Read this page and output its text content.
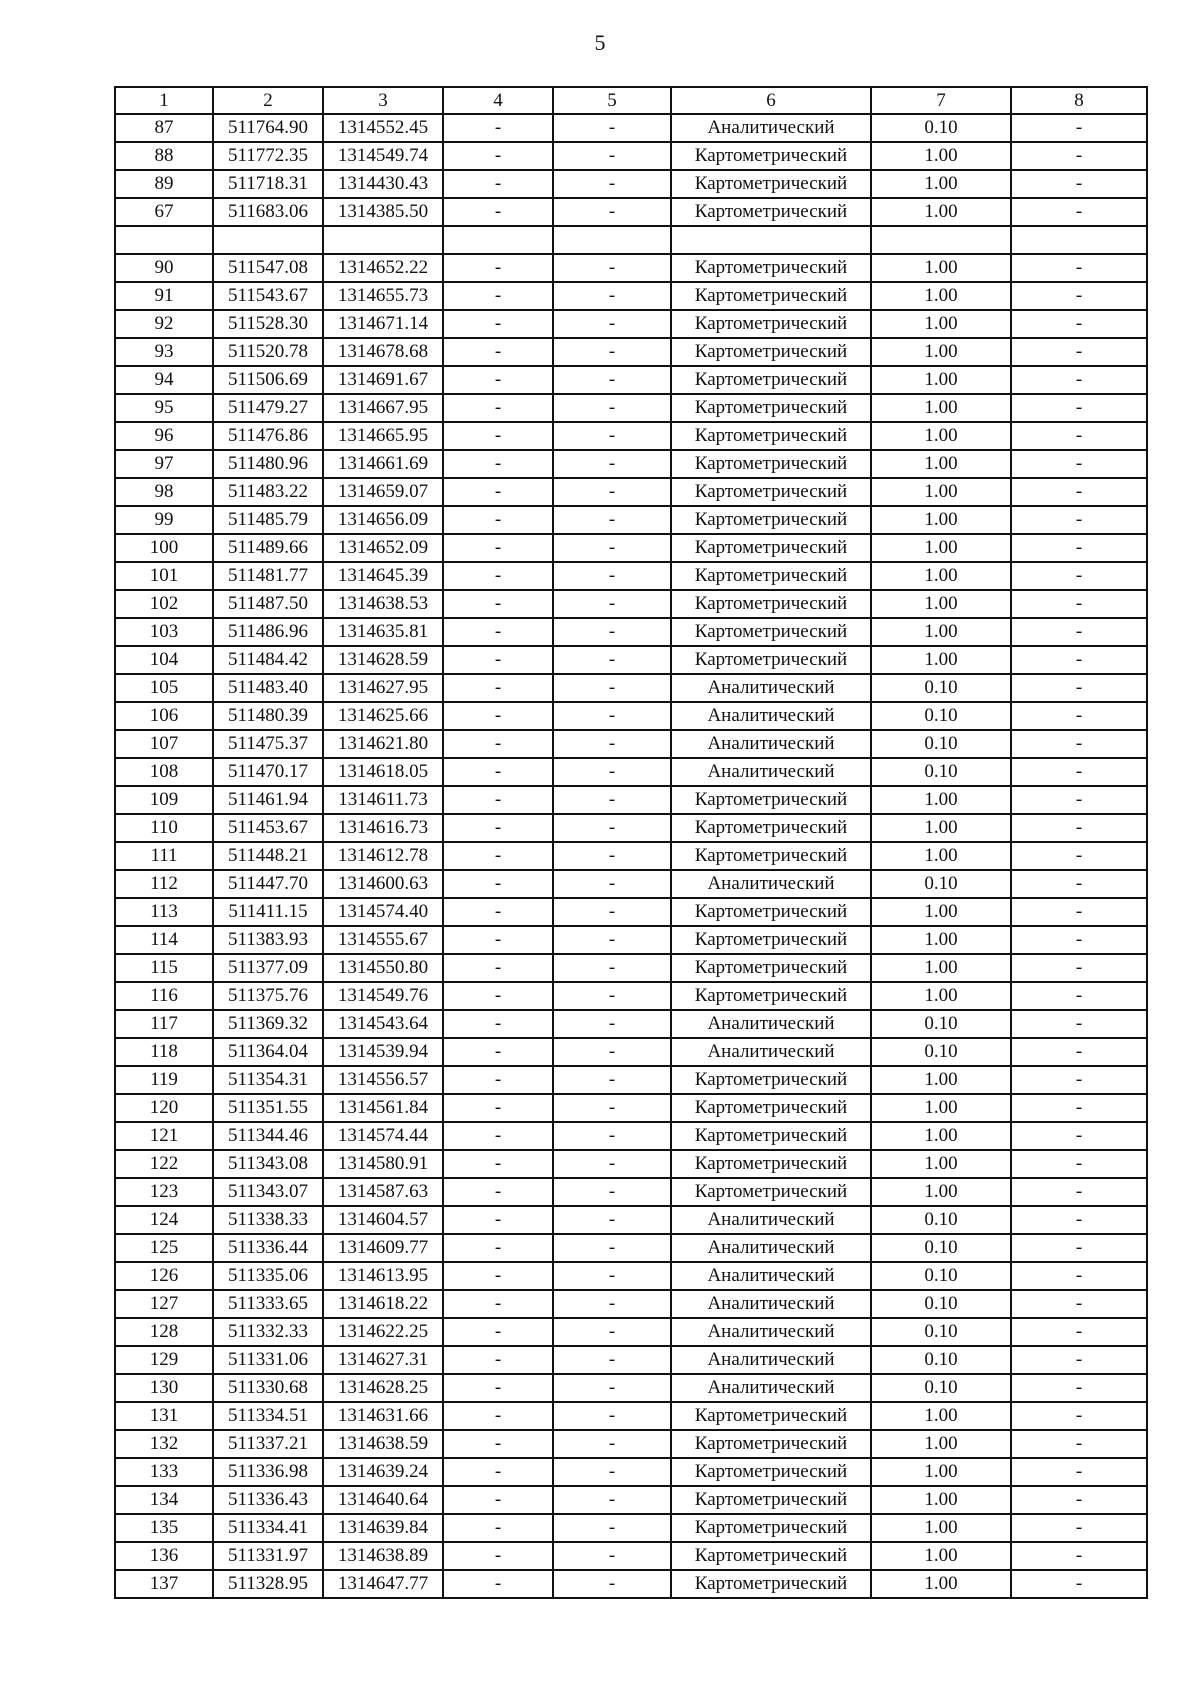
5
1	2	3	4	5	6	7	8
87	511764.90	1314552.45	-	-	Аналитический	0.10	-
88	511772.35	1314549.74	-	-	Картометрический	1.00	-
89	511718.31	1314430.43	-	-	Картометрический	1.00	-
67	511683.06	1314385.50	-	-	Картометрический	1.00	-

90	511547.08	1314652.22	-	-	Картометрический	1.00	-
91	511543.67	1314655.73	-	-	Картометрический	1.00	-
92	511528.30	1314671.14	-	-	Картометрический	1.00	-
93	511520.78	1314678.68	-	-	Картометрический	1.00	-
94	511506.69	1314691.67	-	-	Картометрический	1.00	-
95	511479.27	1314667.95	-	-	Картометрический	1.00	-
96	511476.86	1314665.95	-	-	Картометрический	1.00	-
97	511480.96	1314661.69	-	-	Картометрический	1.00	-
98	511483.22	1314659.07	-	-	Картометрический	1.00	-
99	511485.79	1314656.09	-	-	Картометрический	1.00	-
100	511489.66	1314652.09	-	-	Картометрический	1.00	-
101	511481.77	1314645.39	-	-	Картометрический	1.00	-
102	511487.50	1314638.53	-	-	Картометрический	1.00	-
103	511486.96	1314635.81	-	-	Картометрический	1.00	-
104	511484.42	1314628.59	-	-	Картометрический	1.00	-
105	511483.40	1314627.95	-	-	Аналитический	0.10	-
106	511480.39	1314625.66	-	-	Аналитический	0.10	-
107	511475.37	1314621.80	-	-	Аналитический	0.10	-
108	511470.17	1314618.05	-	-	Аналитический	0.10	-
109	511461.94	1314611.73	-	-	Картометрический	1.00	-
110	511453.67	1314616.73	-	-	Картометрический	1.00	-
111	511448.21	1314612.78	-	-	Картометрический	1.00	-
112	511447.70	1314600.63	-	-	Аналитический	0.10	-
113	511411.15	1314574.40	-	-	Картометрический	1.00	-
114	511383.93	1314555.67	-	-	Картометрический	1.00	-
115	511377.09	1314550.80	-	-	Картометрический	1.00	-
116	511375.76	1314549.76	-	-	Картометрический	1.00	-
117	511369.32	1314543.64	-	-	Аналитический	0.10	-
118	511364.04	1314539.94	-	-	Аналитический	0.10	-
119	511354.31	1314556.57	-	-	Картометрический	1.00	-
120	511351.55	1314561.84	-	-	Картометрический	1.00	-
121	511344.46	1314574.44	-	-	Картометрический	1.00	-
122	511343.08	1314580.91	-	-	Картометрический	1.00	-
123	511343.07	1314587.63	-	-	Картометрический	1.00	-
124	511338.33	1314604.57	-	-	Аналитический	0.10	-
125	511336.44	1314609.77	-	-	Аналитический	0.10	-
126	511335.06	1314613.95	-	-	Аналитический	0.10	-
127	511333.65	1314618.22	-	-	Аналитический	0.10	-
128	511332.33	1314622.25	-	-	Аналитический	0.10	-
129	511331.06	1314627.31	-	-	Аналитический	0.10	-
130	511330.68	1314628.25	-	-	Аналитический	0.10	-
131	511334.51	1314631.66	-	-	Картометрический	1.00	-
132	511337.21	1314638.59	-	-	Картометрический	1.00	-
133	511336.98	1314639.24	-	-	Картометрический	1.00	-
134	511336.43	1314640.64	-	-	Картометрический	1.00	-
135	511334.41	1314639.84	-	-	Картометрический	1.00	-
136	511331.97	1314638.89	-	-	Картометрический	1.00	-
137	511328.95	1314647.77	-	-	Картометрический	1.00	-
